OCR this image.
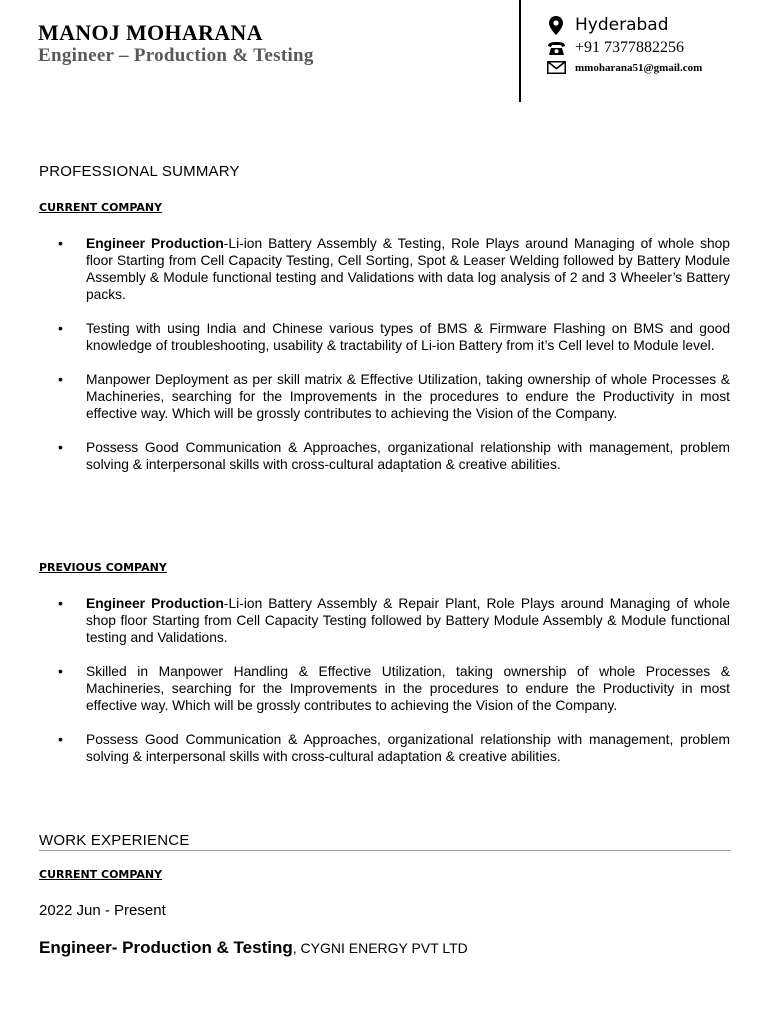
MANOJ MOHARANA
Engineer – Production & Testing
Hyderabad
+91 7377882256
mmoharana51@gmail.com
PROFESSIONAL SUMMARY
CURRENT COMPANY
• Engineer Production-Li-ion Battery Assembly & Testing, Role Plays around Managing of whole shop floor Starting from Cell Capacity Testing, Cell Sorting, Spot & Leaser Welding followed by Battery Module Assembly & Module functional testing and Validations with data log analysis of 2 and 3 Wheeler’s Battery packs.
• Testing with using India and Chinese various types of BMS & Firmware Flashing on BMS and good knowledge of troubleshooting, usability & tractability of Li-ion Battery from it’s Cell level to Module level.
• Manpower Deployment as per skill matrix & Effective Utilization, taking ownership of whole Processes & Machineries, searching for the Improvements in the procedures to endure the Productivity in most effective way. Which will be grossly contributes to achieving the Vision of the Company.
• Possess Good Communication & Approaches, organizational relationship with management, problem solving & interpersonal skills with cross-cultural adaptation & creative abilities.
PREVIOUS COMPANY
• Engineer Production-Li-ion Battery Assembly & Repair Plant, Role Plays around Managing of whole shop floor Starting from Cell Capacity Testing followed by Battery Module Assembly & Module functional testing and Validations.
• Skilled in Manpower Handling & Effective Utilization, taking ownership of whole Processes & Machineries, searching for the Improvements in the procedures to endure the Productivity in most effective way. Which will be grossly contributes to achieving the Vision of the Company.
• Possess Good Communication & Approaches, organizational relationship with management, problem solving & interpersonal skills with cross-cultural adaptation & creative abilities.
WORK EXPERIENCE
CURRENT COMPANY
2022 Jun - Present
Engineer- Production & Testing, CYGNI ENERGY PVT LTD
